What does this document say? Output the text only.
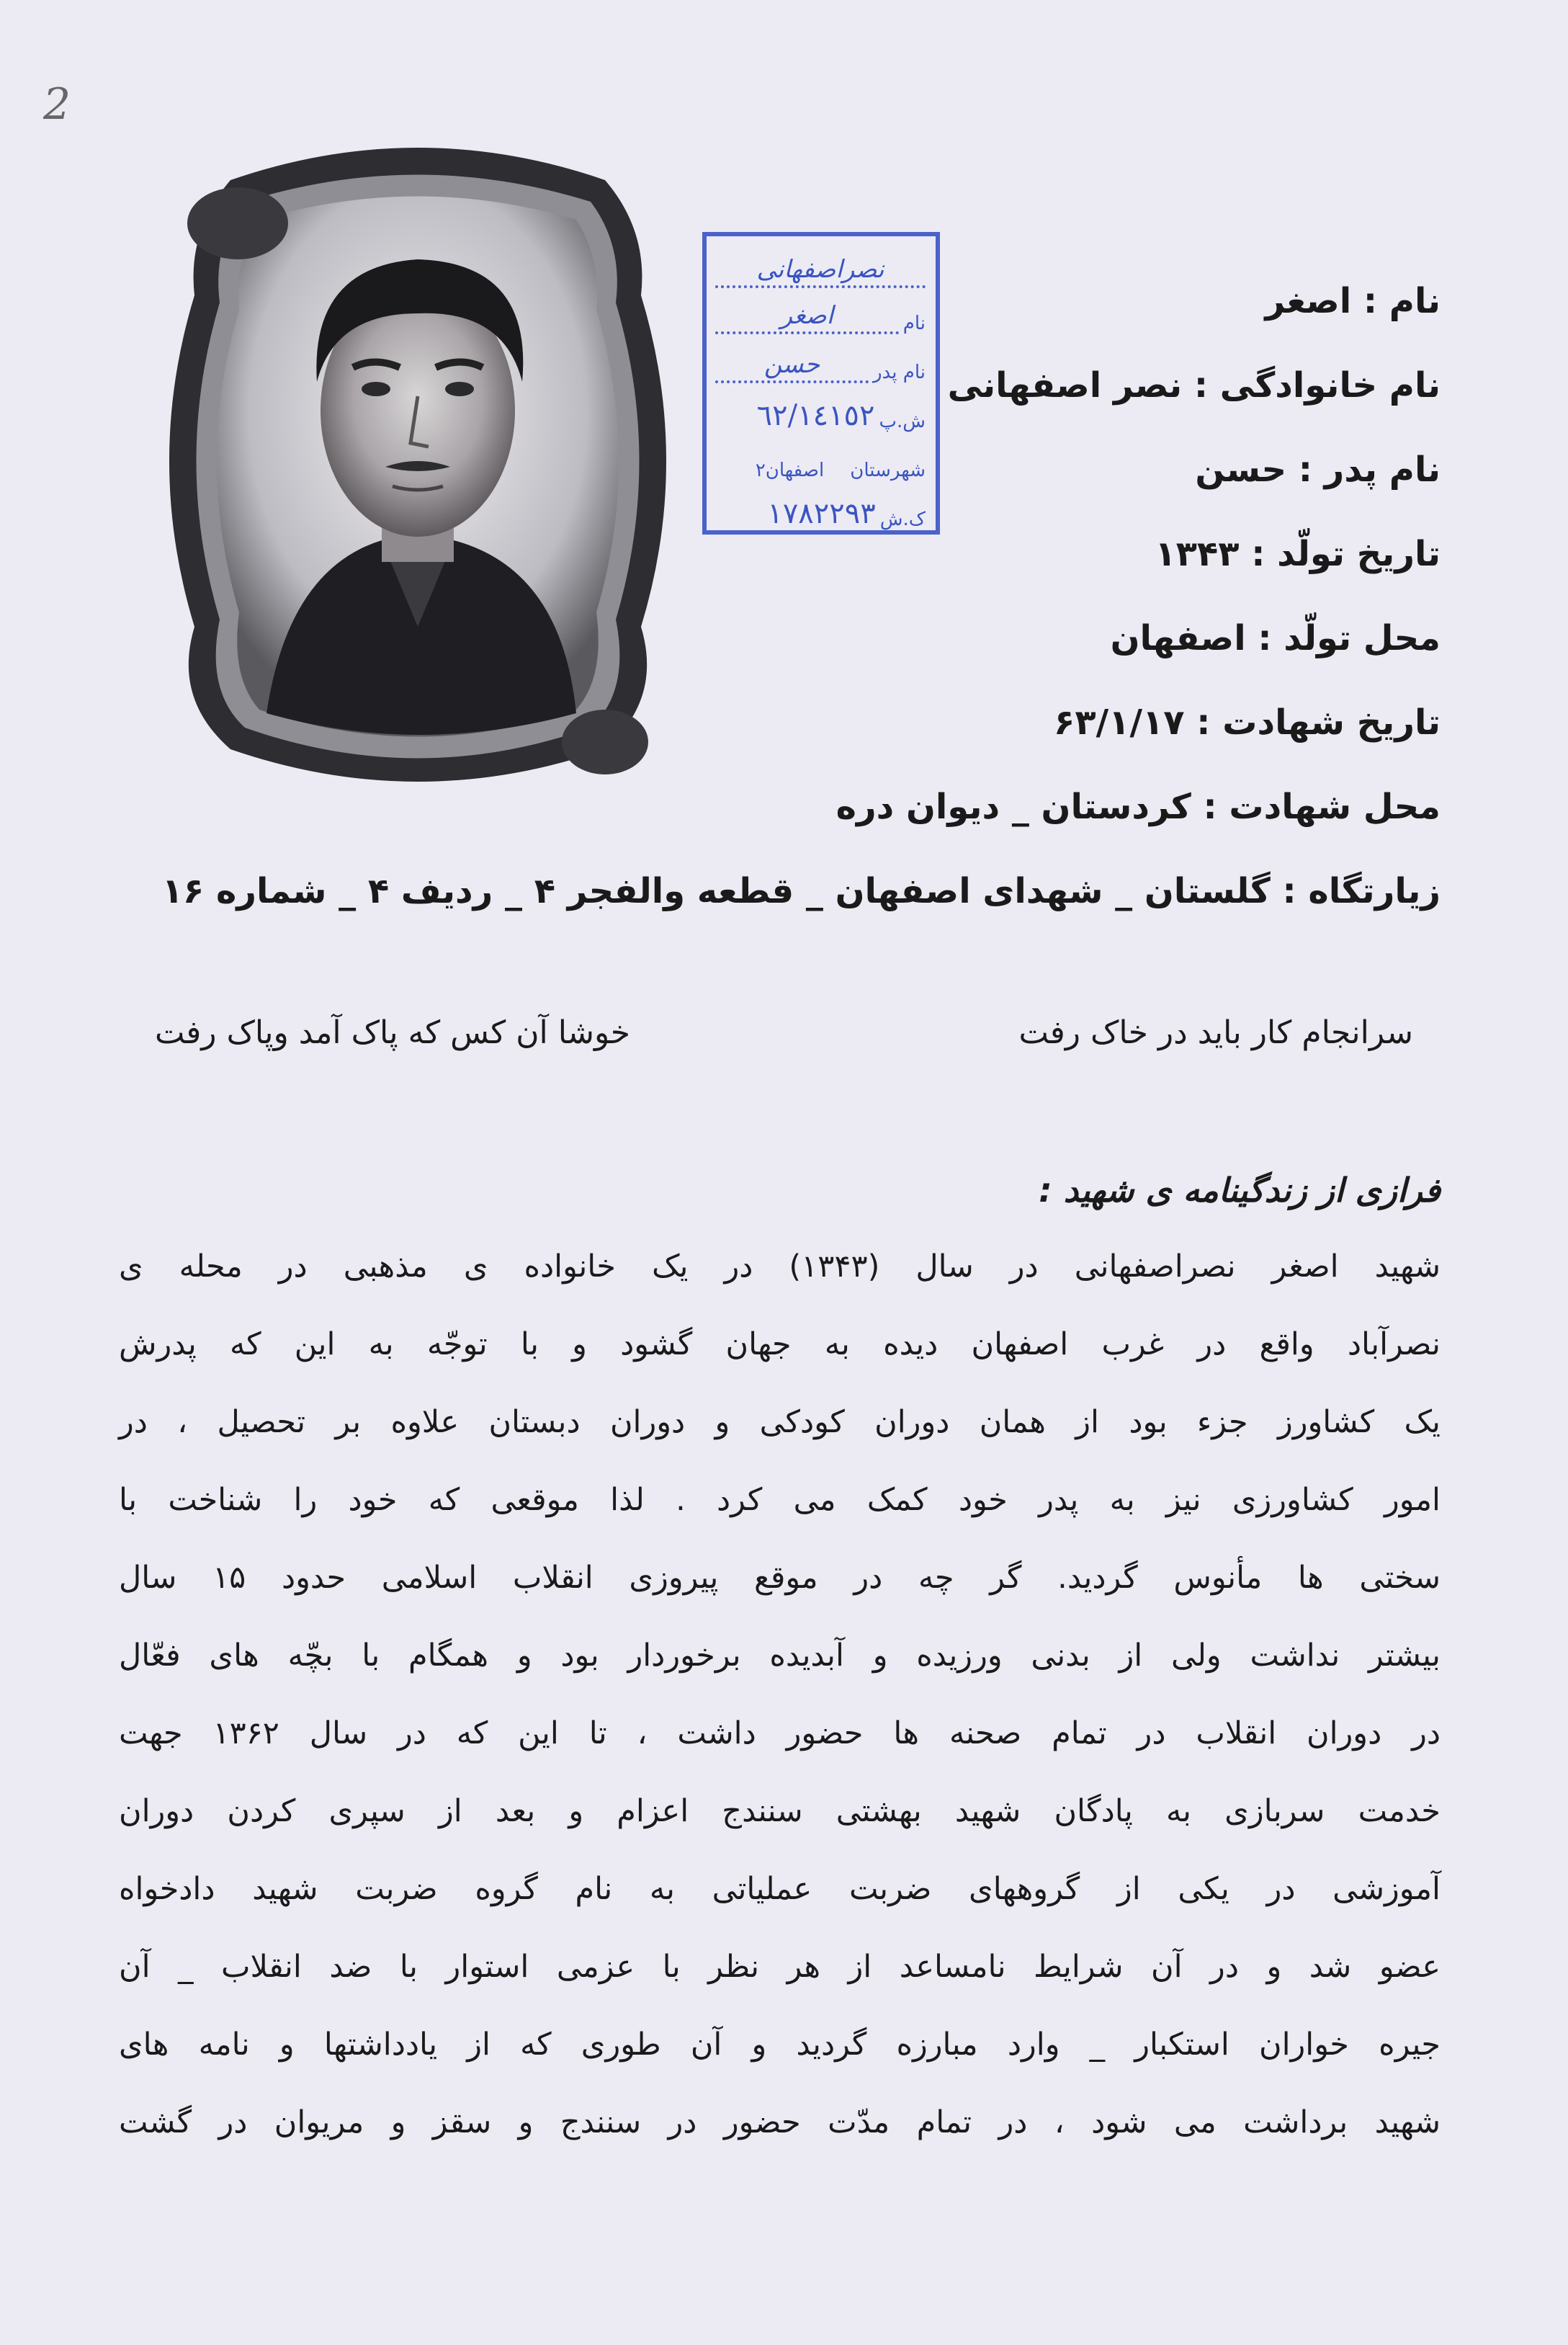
2
نصراصفهانی
نام
اصغر
نام پدر
حسن
ش.پ
٦٢/١٤١٥٢
شهرستان
اصفهان۲
ک.ش
١٧٨٢٢٩٣
نام : اصغر
نام خانوادگی : نصر اصفهانی
نام پدر : حسن
تاریخ تولّد : ۱۳۴۳
محل تولّد : اصفهان
تاریخ شهادت : ۶۳/۱/۱۷
محل شهادت : کردستان _ دیوان دره
زیارتگاه : گلستان _ شهدای اصفهان _ قطعه والفجر ۴ _ ردیف ۴ _ شماره ۱۶
سرانجام کار باید در خاک رفت
خوشا آن کس که پاک آمد وپاک رفت
فرازی از زندگینامه ی شهید :
شهید اصغر نصراصفهانی در سال (۱۳۴۳) در یک خانواده ی مذهبی در محله ی
نصرآباد واقع در غرب اصفهان دیده به جهان گشود و با توجّه به این که پدرش
یک کشاورز جزء بود از همان دوران کودکی و دوران دبستان علاوه بر تحصیل ، در
امور کشاورزی نیز به پدر خود کمک می کرد . لذا موقعی که خود را شناخت با
سختی ها مأنوس گردید. گر چه در موقع پیروزی انقلاب اسلامی حدود ۱۵ سال
بیشتر نداشت ولی از بدنی ورزیده و آبدیده برخوردار بود و همگام با بچّه های فعّال
در دوران انقلاب در تمام صحنه ها حضور داشت ، تا این که در سال ۱۳۶۲ جهت
خدمت سربازی به پادگان شهید بهشتی سنندج اعزام و بعد از سپری کردن دوران
آموزشی در یکی از گروههای ضربت عملیاتی به نام گروه ضربت شهید دادخواه
عضو شد و در آن شرایط نامساعد از هر نظر با عزمی استوار با ضد انقلاب _ آن
جیره خواران استکبار _ وارد مبارزه گردید و آن طوری که از یادداشتها و نامه های
شهید برداشت می شود ، در تمام مدّت حضور در سنندج و سقز و مریوان در گشت
